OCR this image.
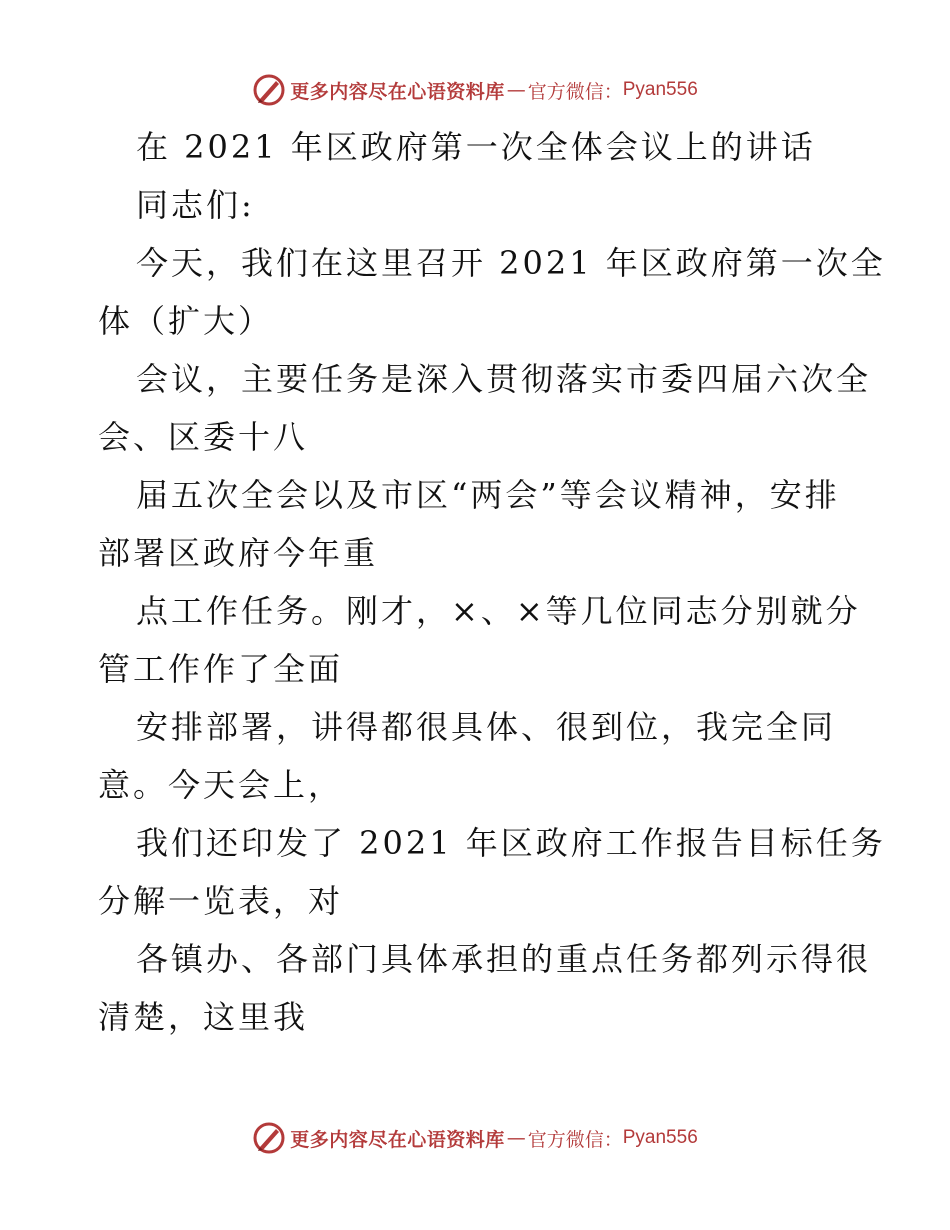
更多内容尽在心语资料库 — 官方微信： Pyan556
在 2021 年区政府第一次全体会议上的讲话
同志们:
今天，我们在这里召开 2021 年区政府第一次全
体（扩大）
会议，主要任务是深入贯彻落实市委四届六次全
会、区委十八
届五次全会以及市区“两会”等会议精神，安排
部署区政府今年重
点工作任务。刚才，×、×等几位同志分别就分
管工作作了全面
安排部署，讲得都很具体、很到位，我完全同
意。今天会上，
我们还印发了 2021 年区政府工作报告目标任务
分解一览表，对
各镇办、各部门具体承担的重点任务都列示得很
清楚，这里我
更多内容尽在心语资料库 — 官方微信： Pyan556
